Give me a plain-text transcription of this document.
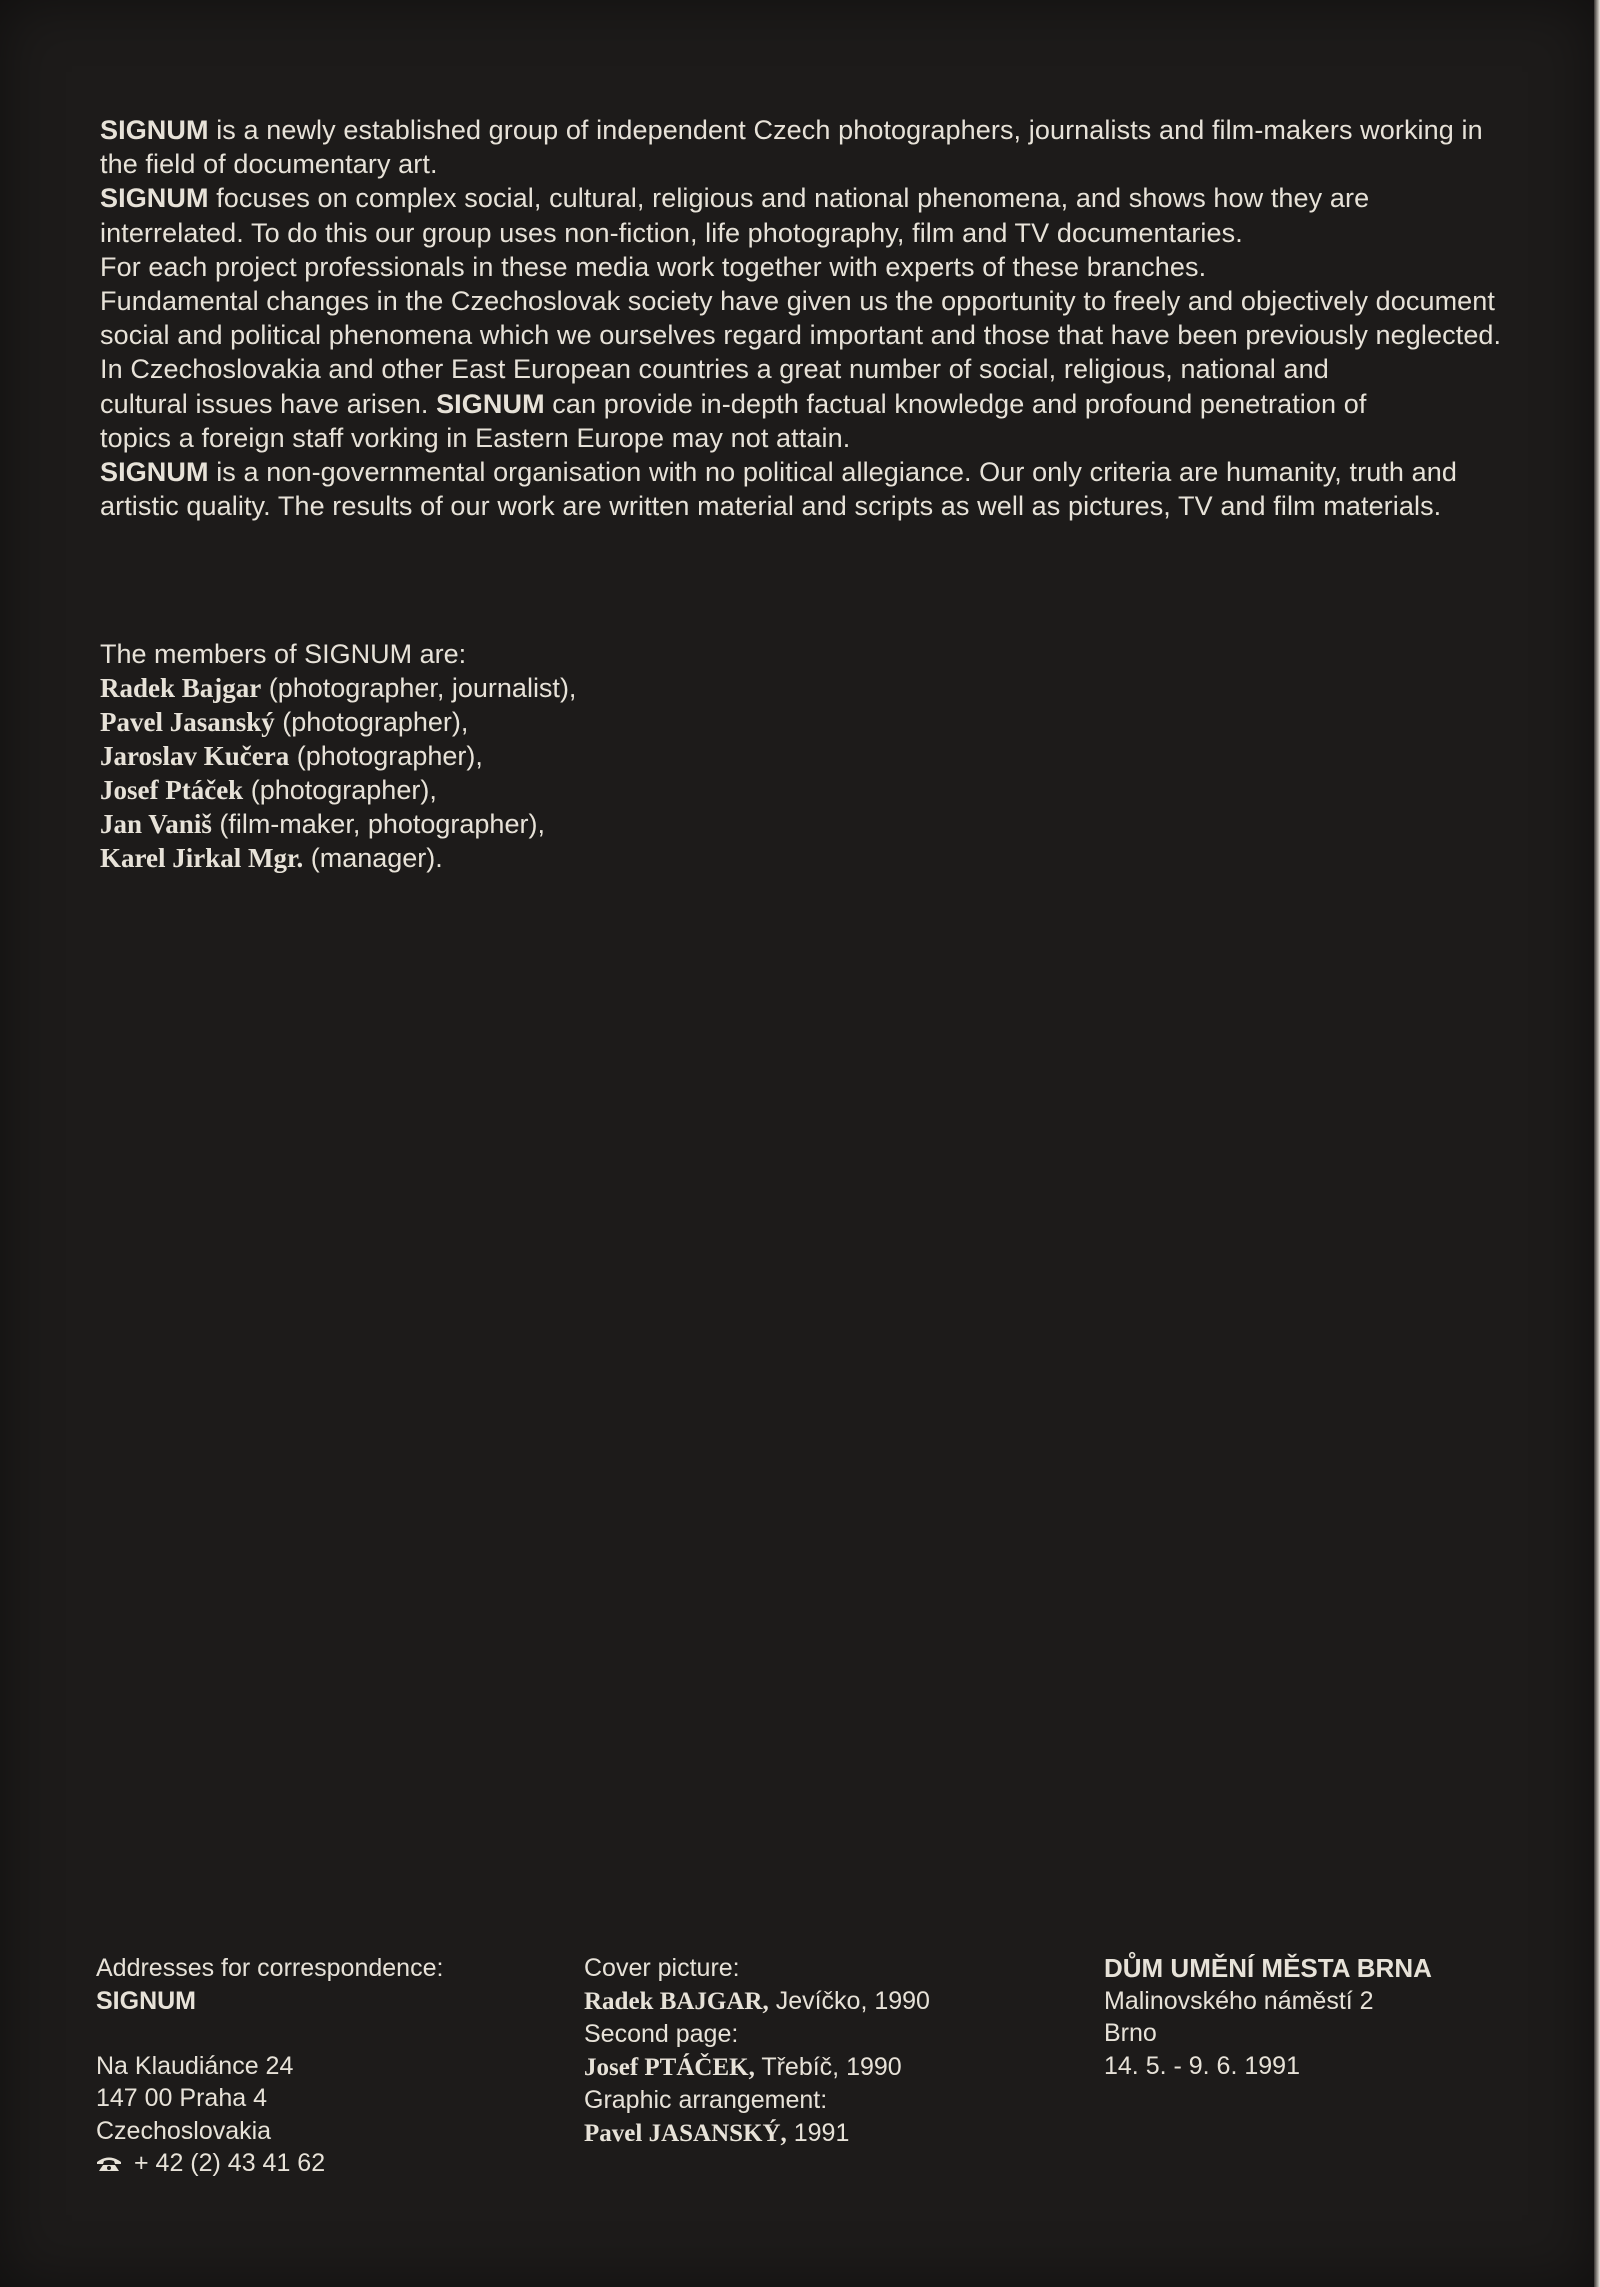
SIGNUM is a newly established group of independent Czech photographers, journalists and film-makers working in the field of documentary art.

SIGNUM focuses on complex social, cultural, religious and national phenomena, and shows how they are interrelated. To do this our group uses non-fiction, life photography, film and TV documentaries.

For each project professionals in these media work together with experts of these branches.

Fundamental changes in the Czechoslovak society have given us the opportunity to freely and objectively document social and political phenomena which we ourselves regard important and those that have been previously neglected.

In Czechoslovakia and other East European countries a great number of social, religious, national and cultural issues have arisen. SIGNUM can provide in-depth factual knowledge and profound penetration of topics a foreign staff vorking in Eastern Europe may not attain.

SIGNUM is a non-governmental organisation with no political allegiance. Our only criteria are humanity, truth and artistic quality. The results of our work are written material and scripts as well as pictures, TV and film materials.

The members of SIGNUM are:
Radek Bajgar (photographer, journalist),
Pavel Jasanský (photographer),
Jaroslav Kučera (photographer),
Josef Ptáček (photographer),
Jan Vaniš (film-maker, photographer),
Karel Jirkal Mgr. (manager).
Addresses for correspondence:
SIGNUM
Na Klaudiánce 24
147 00 Praha 4
Czechoslovakia
+ 42 (2) 43 41 62
Cover picture:
Radek BAJGAR, Jevíčko, 1990
Second page:
Josef PTÁČEK, Třebíč, 1990
Graphic arrangement:
Pavel JASANSKÝ, 1991
DŮM UMĚNÍ MĚSTA BRNA
Malinovského náměstí 2
Brno
14. 5. - 9. 6. 1991
